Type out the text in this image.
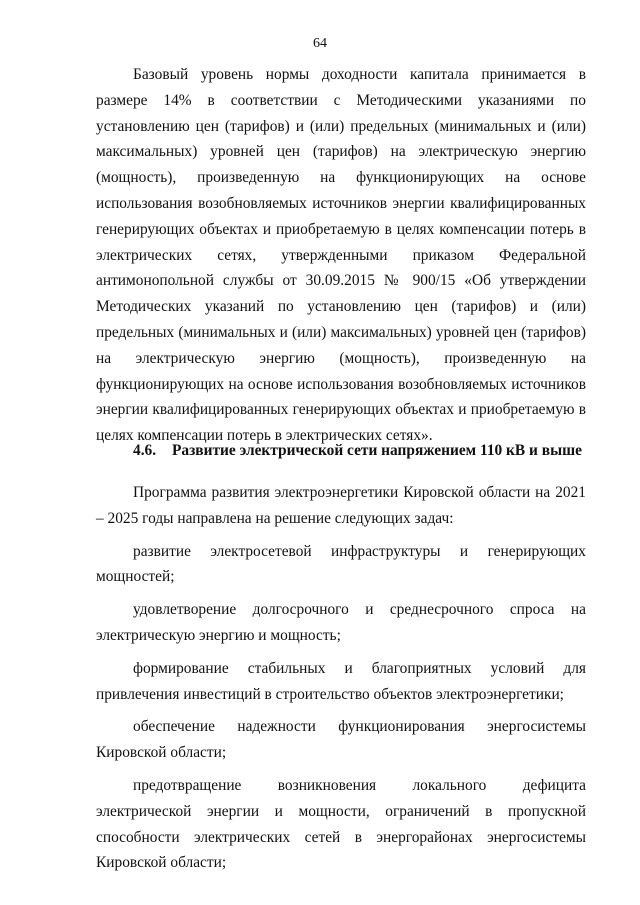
64

Базовый уровень нормы доходности капитала принимается в размере 14% в соответствии с Методическими указаниями по установлению цен (тарифов) и (или) предельных (минимальных и (или) максимальных) уровней цен (тарифов) на электрическую энергию (мощность), произведенную на функционирующих на основе использования возобновляемых источников энергии квалифицированных генерирующих объектах и приобретаемую в целях компенсации потерь в электрических сетях, утвержденными приказом Федеральной антимонопольной службы от 30.09.2015 № 900/15 «Об утверждении Методических указаний по установлению цен (тарифов) и (или) предельных (минимальных и (или) максимальных) уровней цен (тарифов) на электрическую энергию (мощность), произведенную на функционирующих на основе использования возобновляемых источников энергии квалифицированных генерирующих объектах и приобретаемую в целях компенсации потерь в электрических сетях».

4.6. Развитие электрической сети напряжением 110 кВ и выше

Программа развития электроэнергетики Кировской области на 2021 – 2025 годы направлена на решение следующих задач:

развитие электросетевой инфраструктуры и генерирующих мощностей;

удовлетворение долгосрочного и среднесрочного спроса на электрическую энергию и мощность;

формирование стабильных и благоприятных условий для привлечения инвестиций в строительство объектов электроэнергетики;

обеспечение надежности функционирования энергосистемы Кировской области;

предотвращение возникновения локального дефицита электрической энергии и мощности, ограничений в пропускной способности электрических сетей в энергорайонах энергосистемы Кировской области;
